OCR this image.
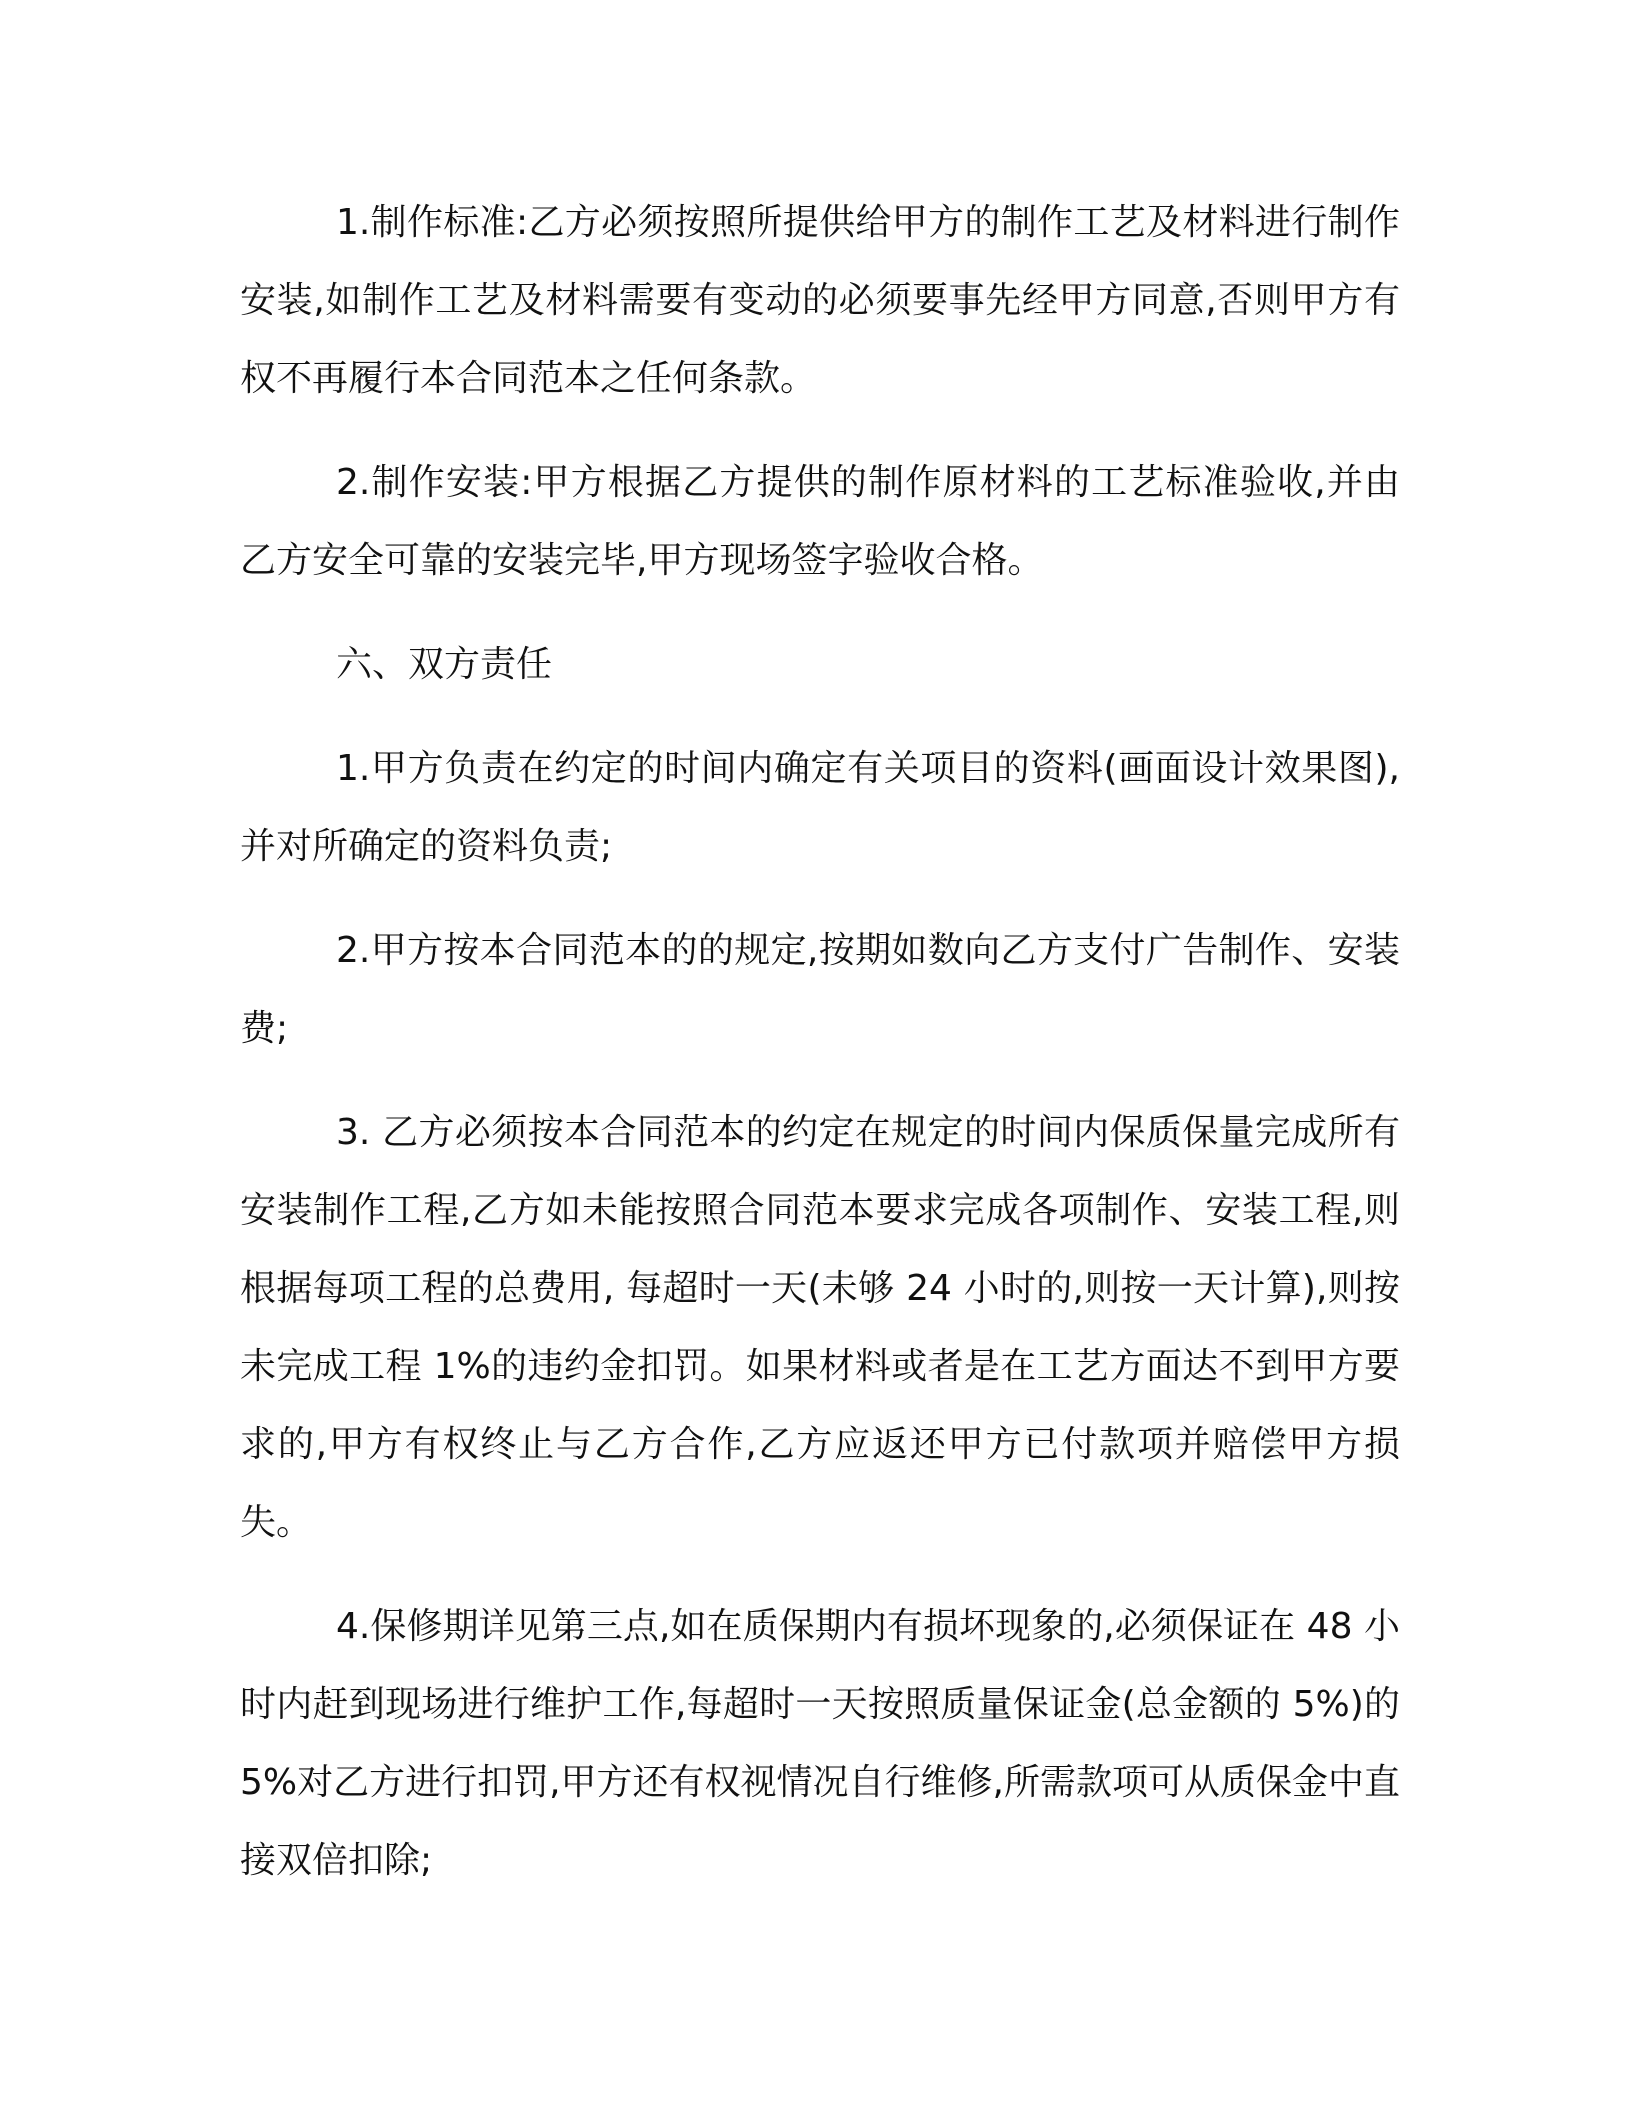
1.制作标准:乙方必须按照所提供给甲方的制作工艺及材料进行制作安装,如制作工艺及材料需要有变动的必须要事先经甲方同意,否则甲方有权不再履行本合同范本之任何条款。

2.制作安装:甲方根据乙方提供的制作原材料的工艺标准验收,并由乙方安全可靠的安装完毕,甲方现场签字验收合格。

六、双方责任

1.甲方负责在约定的时间内确定有关项目的资料(画面设计效果图),并对所确定的资料负责;

2.甲方按本合同范本的的规定,按期如数向乙方支付广告制作、安装费;

3. 乙方必须按本合同范本的约定在规定的时间内保质保量完成所有安装制作工程,乙方如未能按照合同范本要求完成各项制作、安装工程,则根据每项工程的总费用, 每超时一天(未够 24 小时的,则按一天计算),则按未完成工程 1%的违约金扣罚。如果材料或者是在工艺方面达不到甲方要求的,甲方有权终止与乙方合作,乙方应返还甲方已付款项并赔偿甲方损失。

4.保修期详见第三点,如在质保期内有损坏现象的,必须保证在 48 小时内赶到现场进行维护工作,每超时一天按照质量保证金(总金额的 5%)的 5%对乙方进行扣罚,甲方还有权视情况自行维修,所需款项可从质保金中直接双倍扣除;
